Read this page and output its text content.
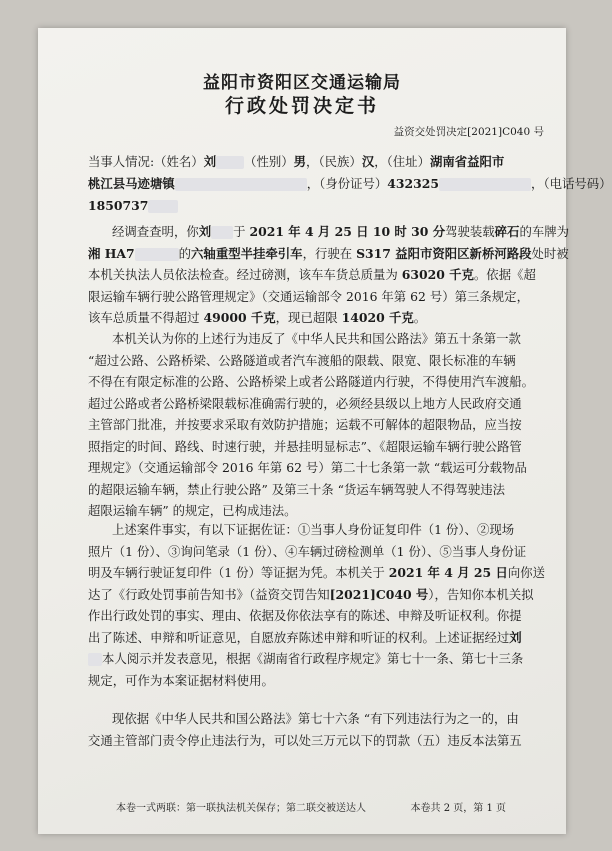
益阳市资阳区交通运输局
行政处罚决定书
益资交处罚决定[2021]C040 号
当事人情况:（姓名）刘 （性别）男，（民族）汉，（住址）湖南省益阳市
桃江县马迹塘镇	，（身份证号）432325	，（电话号码）
1850737
经调查查明，你刘 于 2021 年 4 月 25 日 10 时 30 分驾驶装载碎石的车牌为
湘 HA7	的六轴重型半挂牵引车，行驶在 S317 益阳市资阳区新桥河路段处时被
本机关执法人员依法检查。经过磅测，该车车货总质量为 63020 千克。依据《超
限运输车辆行驶公路管理规定》（交通运输部令 2016 年第 62 号）第三条规定，
该车总质量不得超过 49000 千克，现已超限 14020 千克。
本机关认为你的上述行为违反了《中华人民共和国公路法》第五十条第一款
“超过公路、公路桥梁、公路隧道或者汽车渡船的限载、限宽、限长标准的车辆
不得在有限定标准的公路、公路桥梁上或者公路隧道内行驶，不得使用汽车渡船。
超过公路或者公路桥梁限载标准确需行驶的，必须经县级以上地方人民政府交通
主管部门批准，并按要求采取有效防护措施；运载不可解体的超限物品，应当按
照指定的时间、路线、时速行驶，并悬挂明显标志”、《超限运输车辆行驶公路管
理规定》（交通运输部令 2016 年第 62 号）第二十七条第一款 “载运可分载物品
的超限运输车辆，禁止行驶公路” 及第三十条 “货运车辆驾驶人不得驾驶违法
超限运输车辆” 的规定，已构成违法。
上述案件事实，有以下证据佐证：①当事人身份证复印件（1 份）、②现场
照片（1 份）、③询问笔录（1 份）、④车辆过磅检测单（1 份）、⑤当事人身份证
明及车辆行驶证复印件（1 份）等证据为凭。本机关于 2021 年 4 月 25 日向你送
达了《行政处罚事前告知书》（益资交罚告知[2021]C040 号），告知你本机关拟
作出行政处罚的事实、理由、依据及你依法享有的陈述、申辩及听证权利。你提
出了陈述、申辩和听证意见，自愿放弃陈述申辩和听证的权利。上述证据经过刘
本人阅示并发表意见，根据《湖南省行政程序规定》第七十一条、第七十三条
规定，可作为本案证据材料使用。
现依据《中华人民共和国公路法》第七十六条 “有下列违法行为之一的，由
交通主管部门责令停止违法行为，可以处三万元以下的罚款（五）违反本法第五
本卷一式两联：第一联执法机关保存；第二联交被送达人	本卷共 2 页，第 1 页
